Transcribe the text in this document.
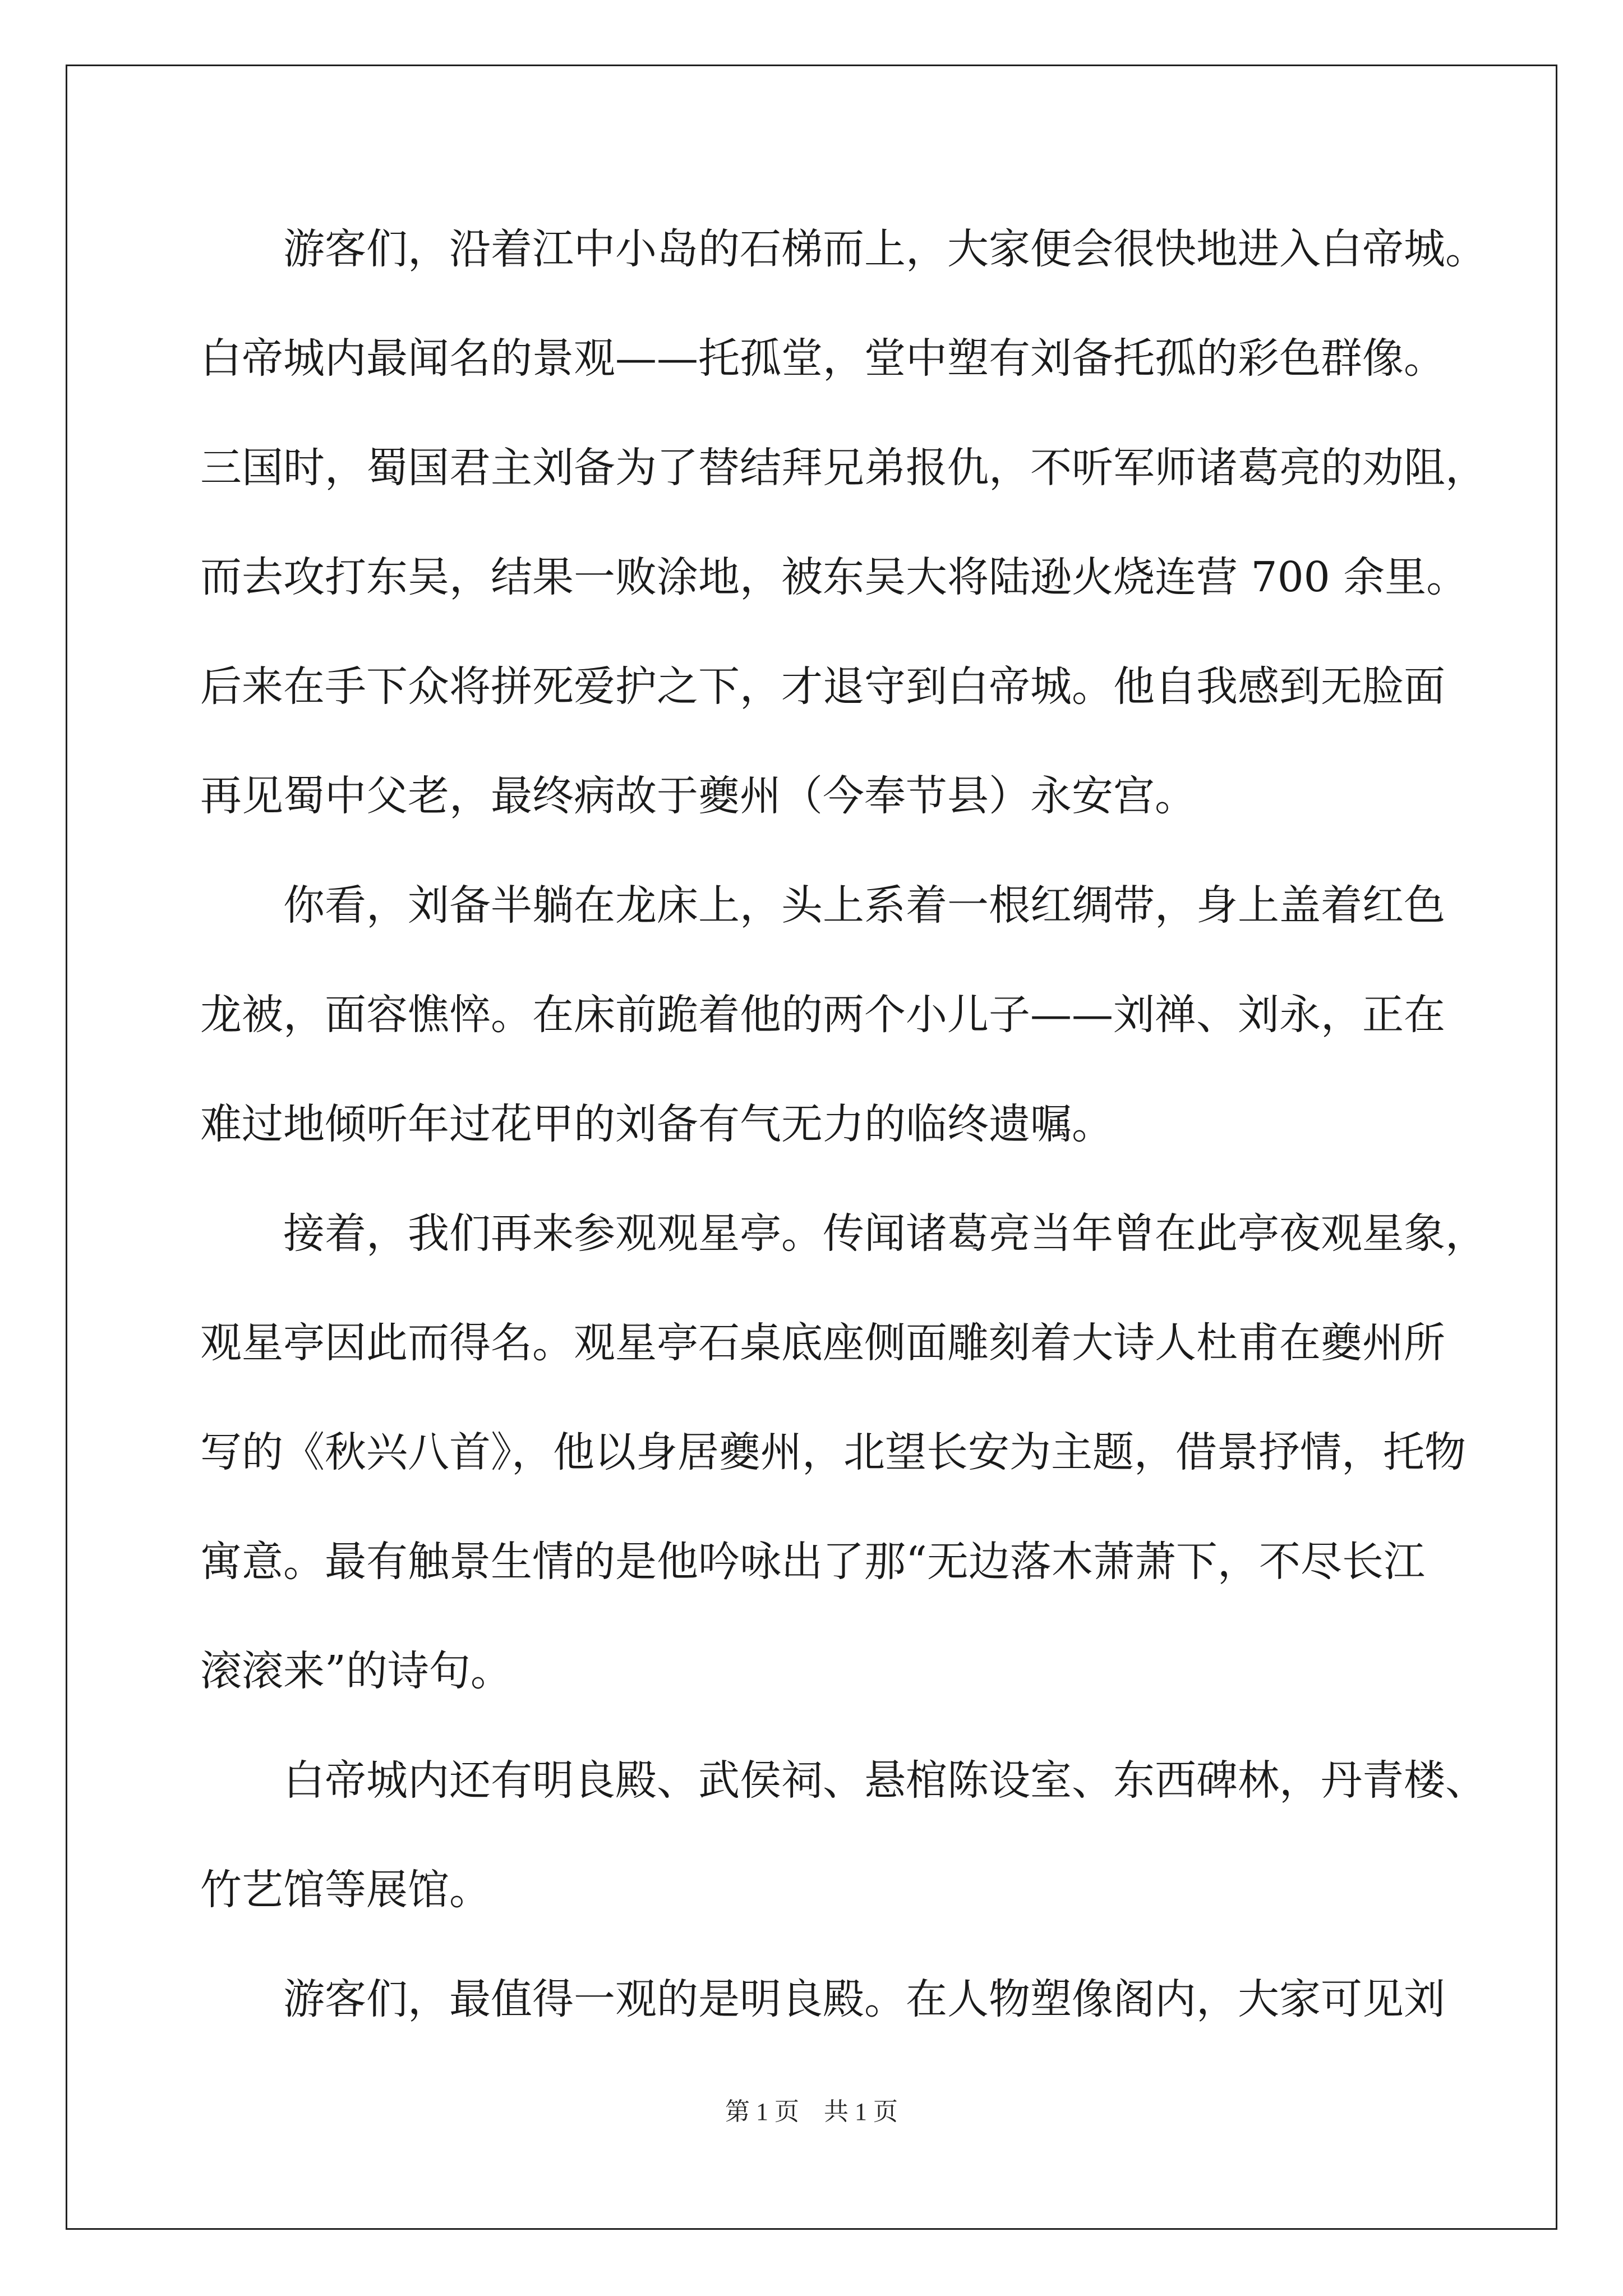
　　游客们，沿着江中小岛的石梯而上，大家便会很快地进入白帝城。

白帝城内最闻名的景观——托孤堂，堂中塑有刘备托孤的彩色群像。

三国时，蜀国君主刘备为了替结拜兄弟报仇，不听军师诸葛亮的劝阻，

而去攻打东吴，结果一败涂地，被东吴大将陆逊火烧连营 700 余里。

后来在手下众将拼死爱护之下，才退守到白帝城。他自我感到无脸面

再见蜀中父老，最终病故于夔州（今奉节县）永安宫。

　　你看，刘备半躺在龙床上，头上系着一根红绸带，身上盖着红色

龙被，面容憔悴。在床前跪着他的两个小儿子——刘禅、刘永，正在

难过地倾听年过花甲的刘备有气无力的临终遗嘱。

　　接着，我们再来参观观星亭。传闻诸葛亮当年曾在此亭夜观星象，

观星亭因此而得名。观星亭石桌底座侧面雕刻着大诗人杜甫在夔州所

写的《秋兴八首》，他以身居夔州，北望长安为主题，借景抒情，托物

寓意。最有触景生情的是他吟咏出了那“无边落木萧萧下，不尽长江

滚滚来”的诗句。

　　白帝城内还有明良殿、武侯祠、悬棺陈设室、东西碑林，丹青楼、

竹艺馆等展馆。

　　游客们，最值得一观的是明良殿。在人物塑像阁内，大家可见刘

第 1 页　共 1 页
